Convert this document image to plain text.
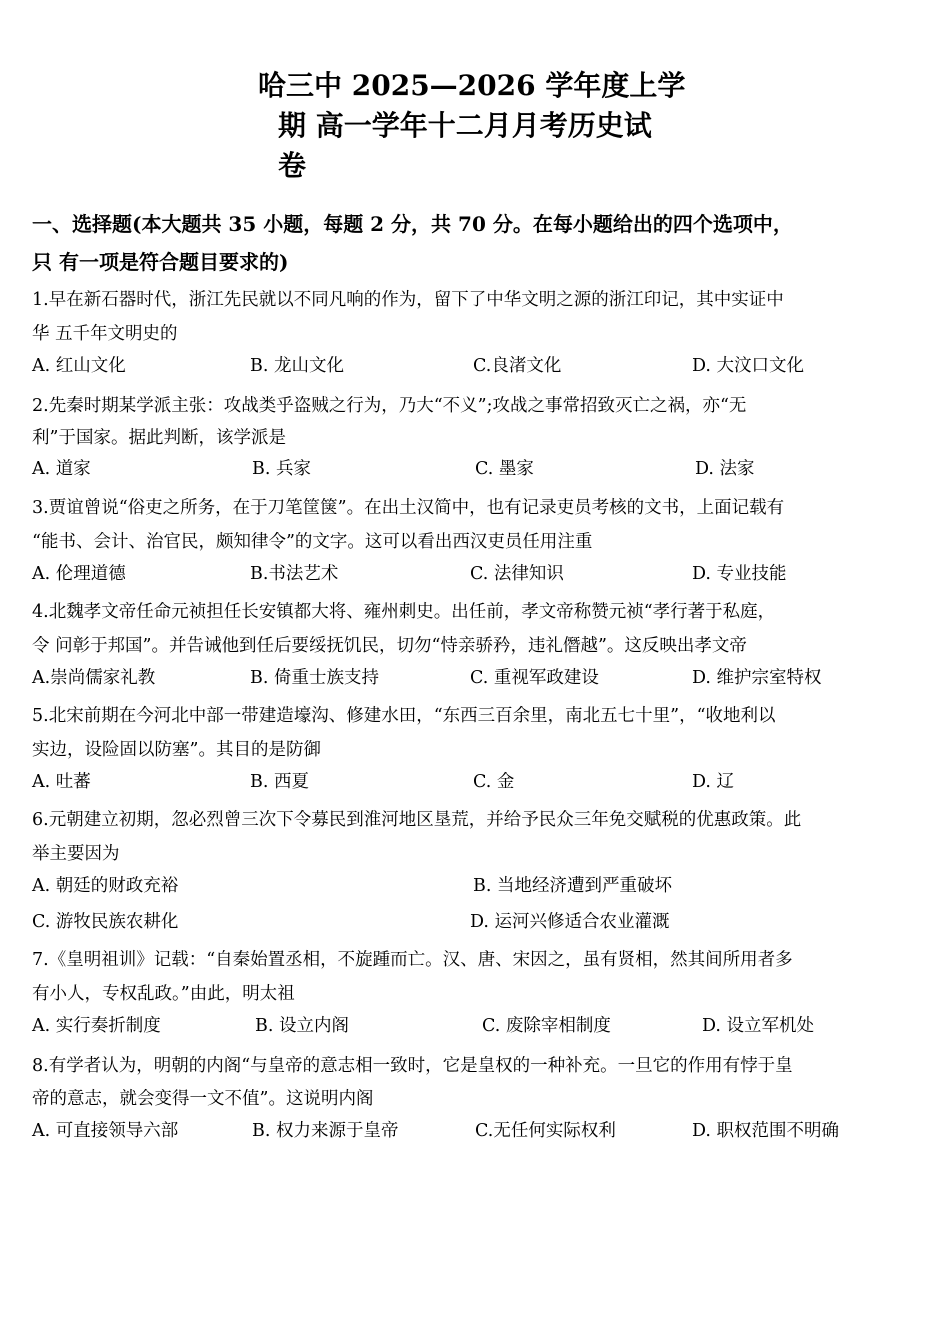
哈三中 2025—2026 学年度上学
期 高一学年十二月月考历史试
卷
一、选择题(本大题共 35 小题，每题 2 分，共 70 分。在每小题给出的四个选项中，
只 有一项是符合题目要求的)
1.早在新石器时代，浙江先民就以不同凡响的作为，留下了中华文明之源的浙江印记，其中实证中
华 五千年文明史的
A. 红山文化	B. 龙山文化	C.良渚文化	D. 大汶口文化
2.先秦时期某学派主张：攻战类乎盗贼之行为，乃大“不义”;攻战之事常招致灭亡之祸，亦“无
利”于国家。据此判断，该学派是
A. 道家	B. 兵家	C. 墨家	D. 法家
3.贾谊曾说“俗吏之所务，在于刀笔筐箧”。在出土汉简中，也有记录吏员考核的文书，上面记载有
“能书、会计、治官民，颇知律令”的文字。这可以看出西汉吏员任用注重
A. 伦理道德	B.书法艺术	C. 法律知识	D. 专业技能
4.北魏孝文帝任命元祯担任长安镇都大将、雍州刺史。出任前，孝文帝称赞元祯“孝行著于私庭，
令 问彰于邦国”。并告诫他到任后要绥抚饥民，切勿“恃亲骄矜，违礼僭越”。这反映出孝文帝
A.崇尚儒家礼教	B. 倚重士族支持	C. 重视军政建设	D. 维护宗室特权
5.北宋前期在今河北中部一带建造壕沟、修建水田，“东西三百余里，南北五七十里”，“收地利以
实边，设险固以防塞”。其目的是防御
A. 吐蕃	B. 西夏	C. 金	D. 辽
6.元朝建立初期，忽必烈曾三次下令募民到淮河地区垦荒，并给予民众三年免交赋税的优惠政策。此
举主要因为
A. 朝廷的财政充裕	B. 当地经济遭到严重破坏
C. 游牧民族农耕化	D. 运河兴修适合农业灌溉
7.《皇明祖训》记载：“自秦始置丞相，不旋踵而亡。汉、唐、宋因之，虽有贤相，然其间所用者多
有小人，专权乱政。”由此，明太祖
A. 实行奏折制度	B. 设立内阁	C. 废除宰相制度	D. 设立军机处
8.有学者认为，明朝的内阁“与皇帝的意志相一致时，它是皇权的一种补充。一旦它的作用有悖于皇
帝的意志，就会变得一文不值”。这说明内阁
A. 可直接领导六部	B. 权力来源于皇帝	C.无任何实际权利	D. 职权范围不明确
